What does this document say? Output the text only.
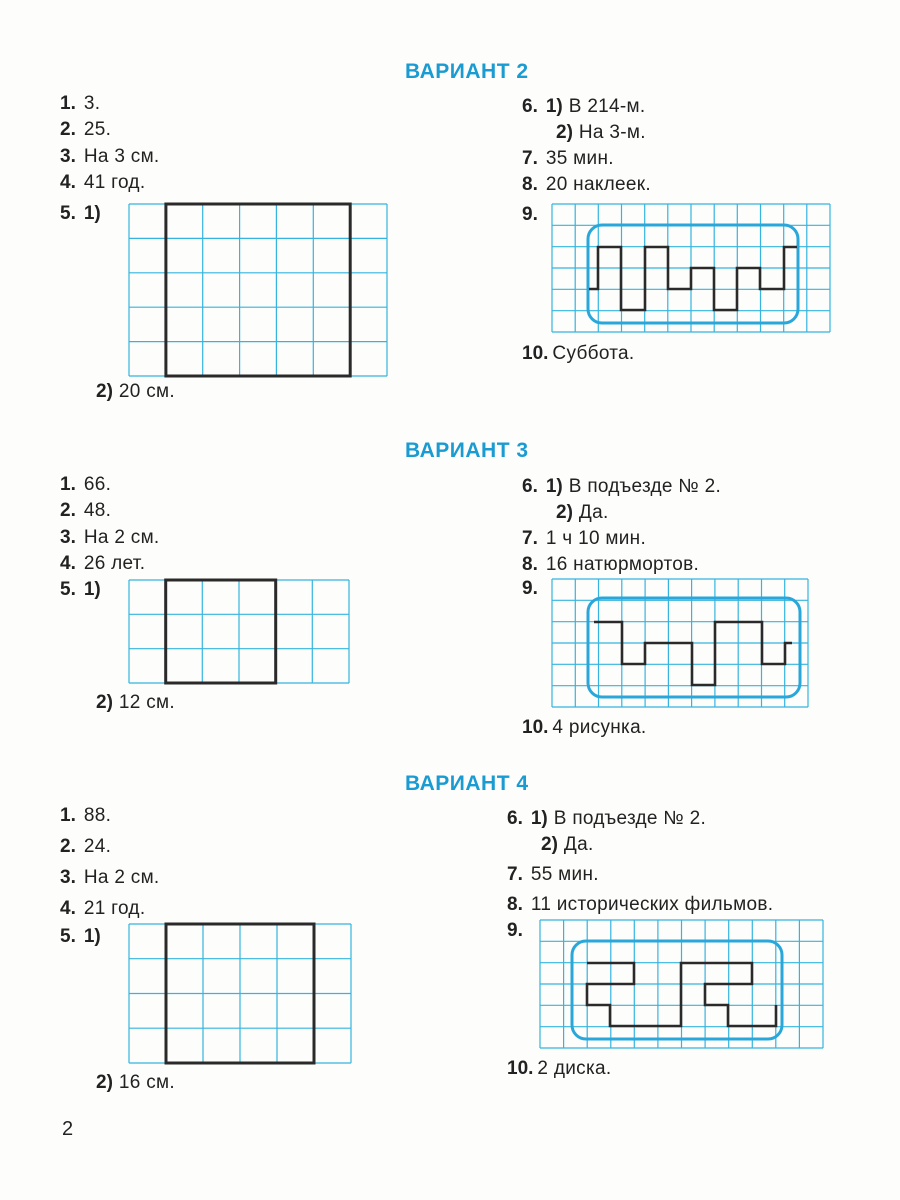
ВАРИАНТ 2
1. 3.
2. 25.
3. На 3 см.
4. 41 год.
5. 1)
2) 20 см.
6. 1) В 214-м.
2) На 3-м.
7. 35 мин.
8. 20 наклеек.
9.
10. Суббота.
ВАРИАНТ 3
1. 66.
2. 48.
3. На 2 см.
4. 26 лет.
5. 1)
2) 12 см.
6. 1) В подъезде № 2.
2) Да.
7. 1 ч 10 мин.
8. 16 натюрмортов.
9.
10. 4 рисунка.
ВАРИАНТ 4
1. 88.
2. 24.
3. На 2 см.
4. 21 год.
5. 1)
2) 16 см.
6. 1) В подъезде № 2.
2) Да.
7. 55 мин.
8. 11 исторических фильмов.
9.
10. 2 диска.
2
